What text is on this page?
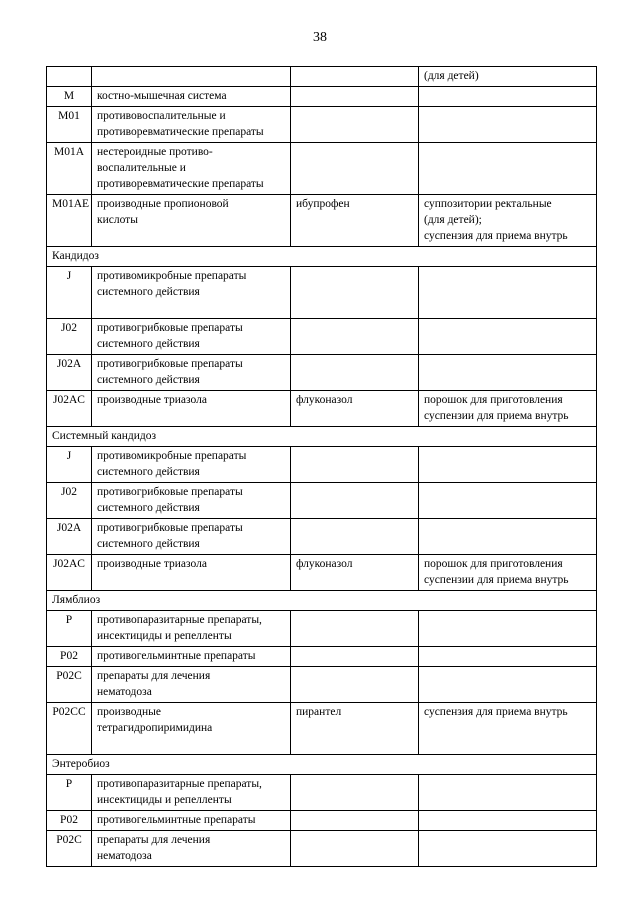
38
			(для детей)

M	костно-мышечная система		

M01	противовоспалительные и
противоревматические препараты		

M01A	нестероидные противо-
воспалительные и
противоревматические препараты		

M01AE	производные пропионовой
кислоты	ибупрофен	суппозитории ректальные
(для детей);
суспензия для приема внутрь

Кандидоз			

J	противомикробные препараты
системного действия		

J02	противогрибковые препараты
системного действия		

J02A	противогрибковые препараты
системного действия		

J02AC	производные триазола	флуконазол	порошок для приготовления
суспензии для приема внутрь

Системный кандидоз			

J	противомикробные препараты
системного действия		

J02	противогрибковые препараты
системного действия		

J02A	противогрибковые препараты
системного действия		

J02AC	производные триазола	флуконазол	порошок для приготовления
суспензии для приема внутрь

Лямблиоз			

P	противопаразитарные препараты,
инсектициды и репелленты		

P02	противогельминтные препараты		

P02C	препараты для лечения
нематодоза		

P02CC	производные
тетрагидропиримидина	пирантел	суспензия для приема внутрь

Энтеробиоз			

P	противопаразитарные препараты,
инсектициды и репелленты		

P02	противогельминтные препараты		

P02C	препараты для лечения
нематодоза		
